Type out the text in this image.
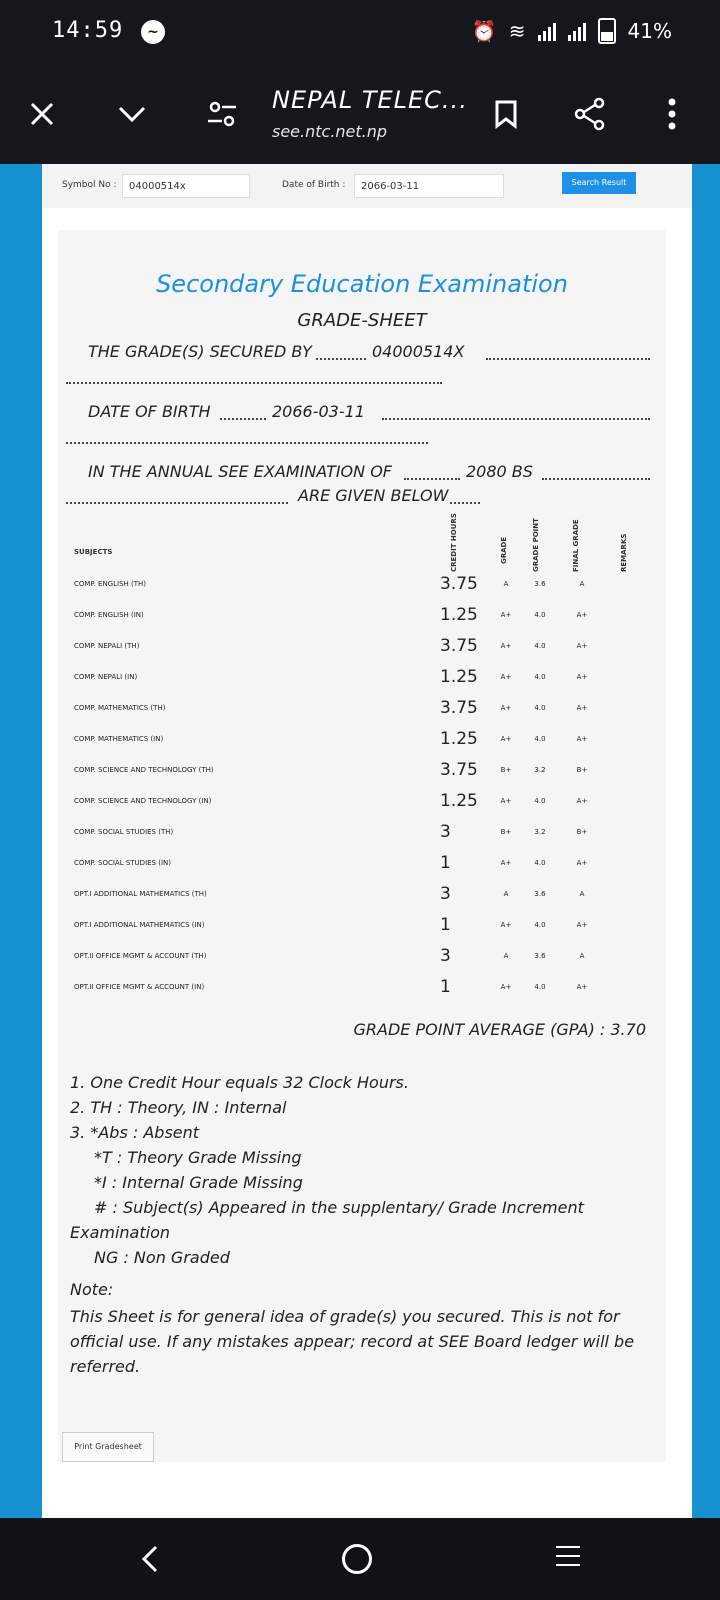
14:59	~	⏰ ≋	41%
NEPAL TELEC...
see.ntc.net.np
Symbol No :	04000514x	Date of Birth :	2066-03-11	Search Result
Secondary Education Examination
GRADE-SHEET
THE GRADE(S) SECURED BY	04000514X
DATE OF BIRTH	2066-03-11
IN THE ANNUAL SEE EXAMINATION OF	2080 BS
ARE GIVEN BELOW
SUBJECTS	CREDIT HOURS	GRADE	GRADE POINT	FINAL GRADE	REMARKS
COMP. ENGLISH (TH)	3.75	A	3.6	A
COMP. ENGLISH (IN)	1.25	A+	4.0	A+
COMP. NEPALI (TH)	3.75	A+	4.0	A+
COMP. NEPALI (IN)	1.25	A+	4.0	A+
COMP. MATHEMATICS (TH)	3.75	A+	4.0	A+
COMP. MATHEMATICS (IN)	1.25	A+	4.0	A+
COMP. SCIENCE AND TECHNOLOGY (TH)	3.75	B+	3.2	B+
COMP. SCIENCE AND TECHNOLOGY (IN)	1.25	A+	4.0	A+
COMP. SOCIAL STUDIES (TH)	3	B+	3.2	B+
COMP. SOCIAL STUDIES (IN)	1	A+	4.0	A+
OPT.I ADDITIONAL MATHEMATICS (TH)	3	A	3.6	A
OPT.I ADDITIONAL MATHEMATICS (IN)	1	A+	4.0	A+
OPT.II OFFICE MGMT & ACCOUNT (TH)	3	A	3.6	A
OPT.II OFFICE MGMT & ACCOUNT (IN)	1	A+	4.0	A+
GRADE POINT AVERAGE (GPA) : 3.70
1. One Credit Hour equals 32 Clock Hours.
2. TH : Theory, IN : Internal
3. *Abs : Absent
*T : Theory Grade Missing
*I : Internal Grade Missing
# : Subject(s) Appeared in the supplentary/ Grade Increment Examination
NG : Non Graded
Note:
This Sheet is for general idea of grade(s) you secured. This is not for official use. If any mistakes appear; record at SEE Board ledger will be referred.
Print Gradesheet
